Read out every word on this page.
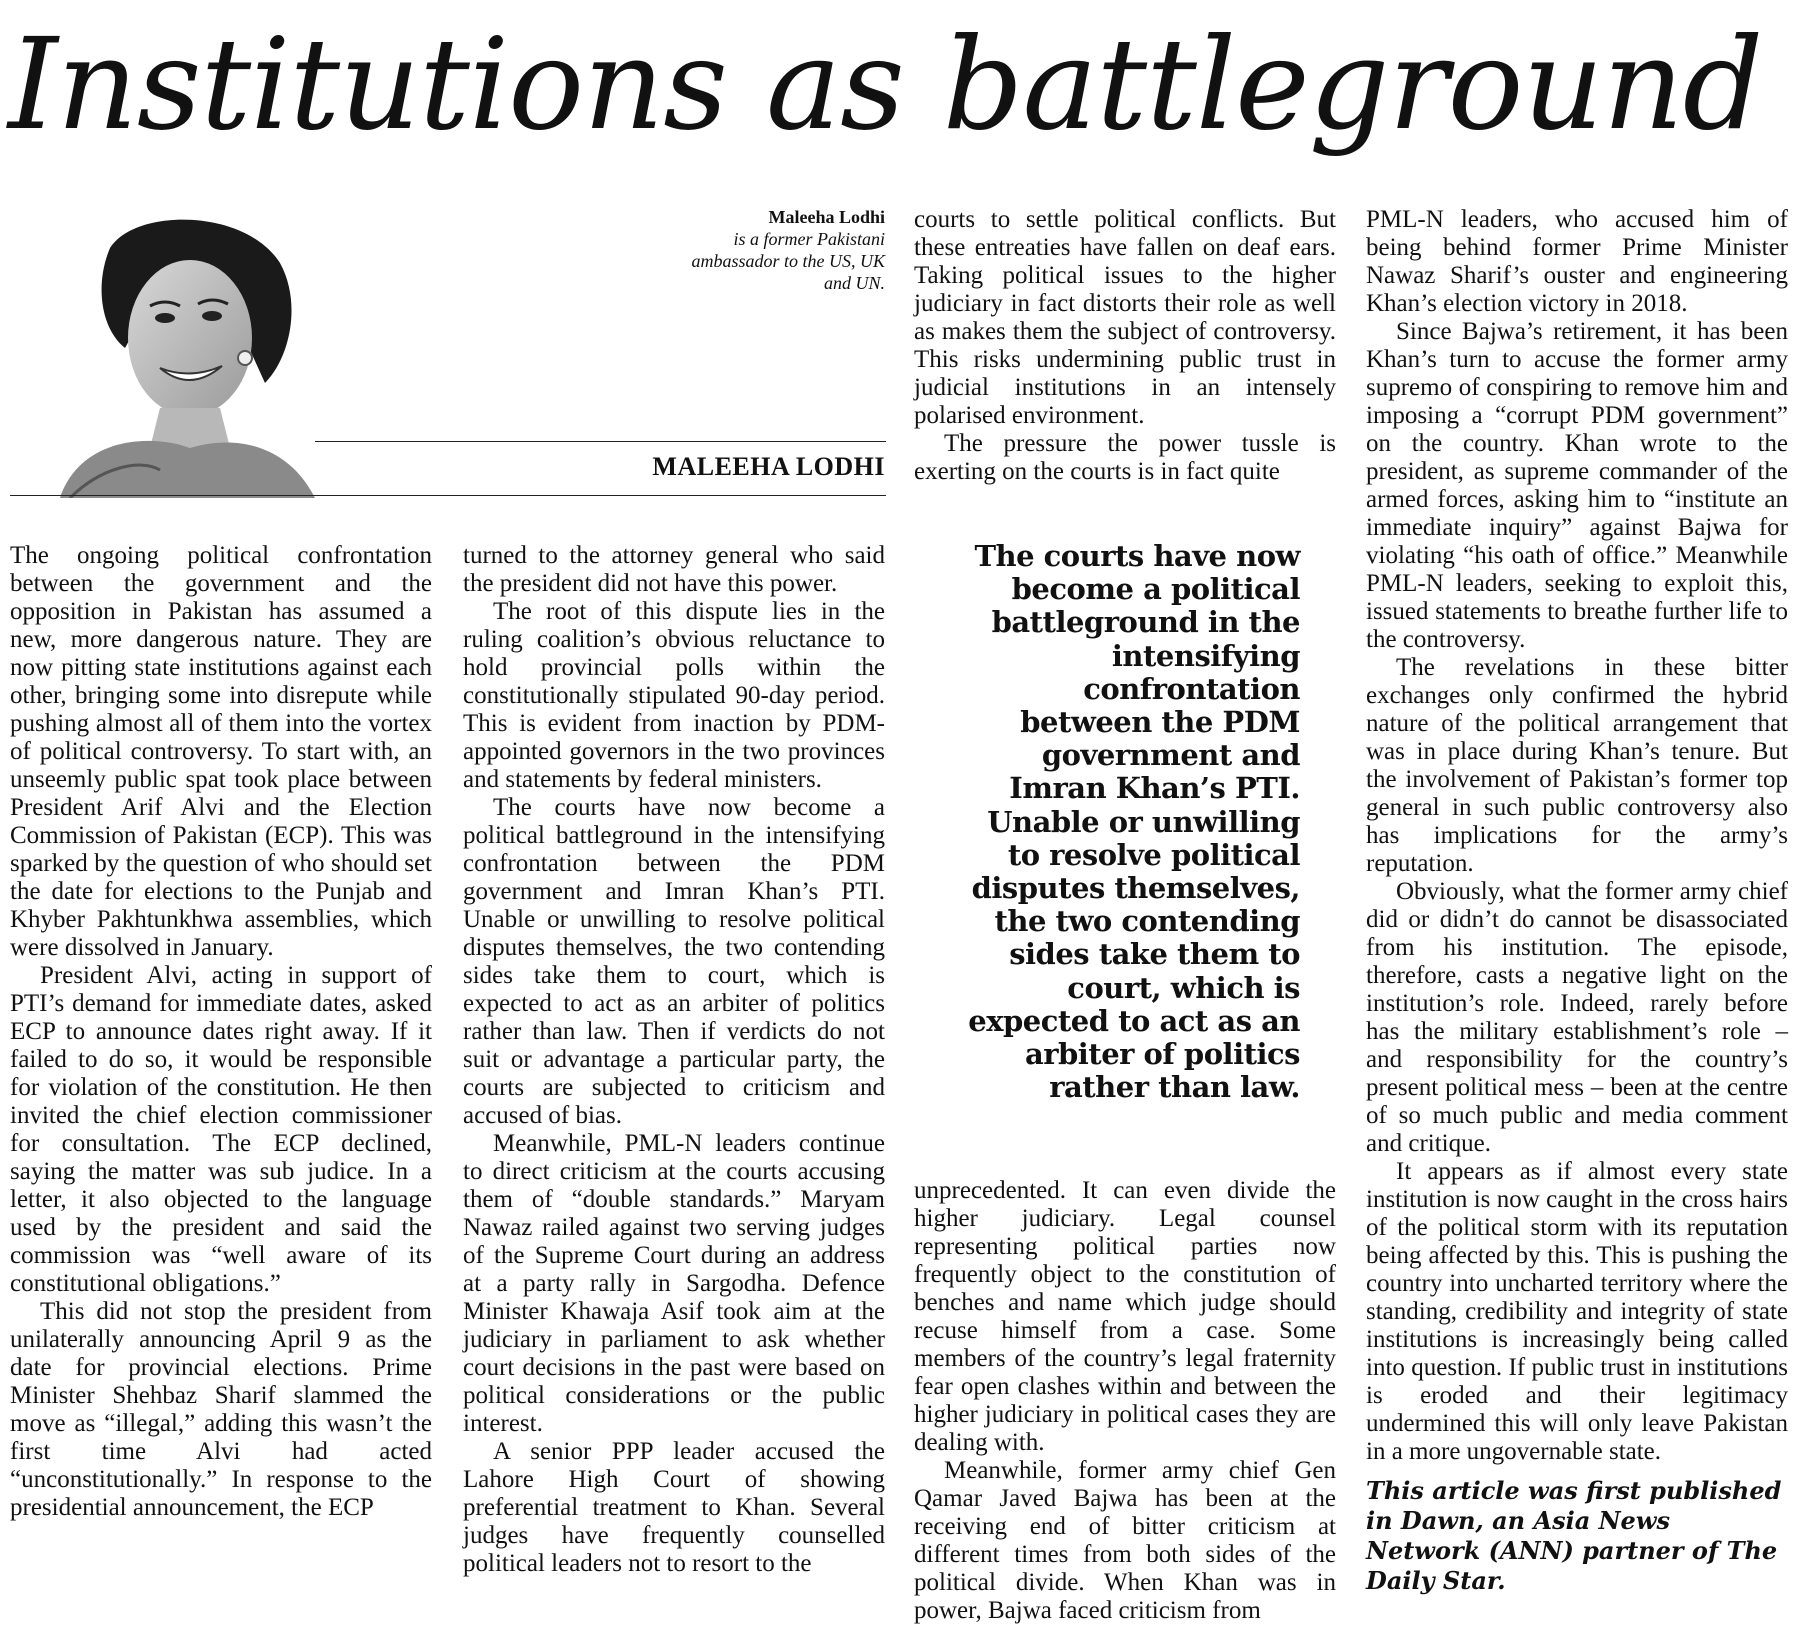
Institutions as battleground
Maleeha Lodhi
is a former Pakistani
ambassador to the US, UK
and UN.
MALEEHA LODHI

The ongoing political confrontation between the government and the opposition in Pakistan has assumed a new, more dangerous nature. They are now pitting state institutions against each other, bringing some into disrepute while pushing almost all of them into the vortex of political controversy. To start with, an unseemly public spat took place between President Arif Alvi and the Election Commission of Pakistan (ECP). This was sparked by the question of who should set the date for elections to the Punjab and Khyber Pakhtunkhwa assemblies, which were dissolved in January.

President Alvi, acting in support of PTI’s demand for immediate dates, asked ECP to announce dates right away. If it failed to do so, it would be responsible for violation of the constitution. He then invited the chief election commissioner for consultation. The ECP declined, saying the matter was sub judice. In a letter, it also objected to the language used by the president and said the commission was “well aware of its constitutional obligations.”

This did not stop the president from unilaterally announcing April 9 as the date for provincial elections. Prime Minister Shehbaz Sharif slammed the move as “illegal,” adding this wasn’t the first time Alvi had acted “unconstitutionally.” In response to the presidential announcement, the ECP

turned to the attorney general who said the president did not have this power.

The root of this dispute lies in the ruling coalition’s obvious reluctance to hold provincial polls within the constitutionally stipulated 90-day period. This is evident from inaction by PDM-appointed governors in the two provinces and statements by federal ministers.

The courts have now become a political battleground in the intensifying confrontation between the PDM government and Imran Khan’s PTI. Unable or unwilling to resolve political disputes themselves, the two contending sides take them to court, which is expected to act as an arbiter of politics rather than law. Then if verdicts do not suit or advantage a particular party, the courts are subjected to criticism and accused of bias.

Meanwhile, PML-N leaders continue to direct criticism at the courts accusing them of “double standards.” Maryam Nawaz railed against two serving judges of the Supreme Court during an address at a party rally in Sargodha. Defence Minister Khawaja Asif took aim at the judiciary in parliament to ask whether court decisions in the past were based on political considerations or the public interest.

A senior PPP leader accused the Lahore High Court of showing preferential treatment to Khan. Several judges have frequently counselled political leaders not to resort to the

courts to settle political conflicts. But these entreaties have fallen on deaf ears. Taking political issues to the higher judiciary in fact distorts their role as well as makes them the subject of controversy. This risks undermining public trust in judicial institutions in an intensely polarised environment.

The pressure the power tussle is exerting on the courts is in fact quite

The courts have now become a political battleground in the intensifying confrontation between the PDM government and Imran Khan’s PTI. Unable or unwilling to resolve political disputes themselves, the two contending sides take them to court, which is expected to act as an arbiter of politics rather than law.

unprecedented. It can even divide the higher judiciary. Legal counsel representing political parties now frequently object to the constitution of benches and name which judge should recuse himself from a case. Some members of the country’s legal fraternity fear open clashes within and between the higher judiciary in political cases they are dealing with.

Meanwhile, former army chief Gen Qamar Javed Bajwa has been at the receiving end of bitter criticism at different times from both sides of the political divide. When Khan was in power, Bajwa faced criticism from

PML-N leaders, who accused him of being behind former Prime Minister Nawaz Sharif’s ouster and engineering Khan’s election victory in 2018.

Since Bajwa’s retirement, it has been Khan’s turn to accuse the former army supremo of conspiring to remove him and imposing a “corrupt PDM government” on the country. Khan wrote to the president, as supreme commander of the armed forces, asking him to “institute an immediate inquiry” against Bajwa for violating “his oath of office.” Meanwhile PML-N leaders, seeking to exploit this, issued statements to breathe further life to the controversy.

The revelations in these bitter exchanges only confirmed the hybrid nature of the political arrangement that was in place during Khan’s tenure. But the involvement of Pakistan’s former top general in such public controversy also has implications for the army’s reputation.

Obviously, what the former army chief did or didn’t do cannot be disassociated from his institution. The episode, therefore, casts a negative light on the institution’s role. Indeed, rarely before has the military establishment’s role – and responsibility for the country’s present political mess – been at the centre of so much public and media comment and critique.

It appears as if almost every state institution is now caught in the cross hairs of the political storm with its reputation being affected by this. This is pushing the country into uncharted territory where the standing, credibility and integrity of state institutions is increasingly being called into question. If public trust in institutions is eroded and their legitimacy undermined this will only leave Pakistan in a more ungovernable state.

This article was first published in Dawn, an Asia News Network (ANN) partner of The Daily Star.
